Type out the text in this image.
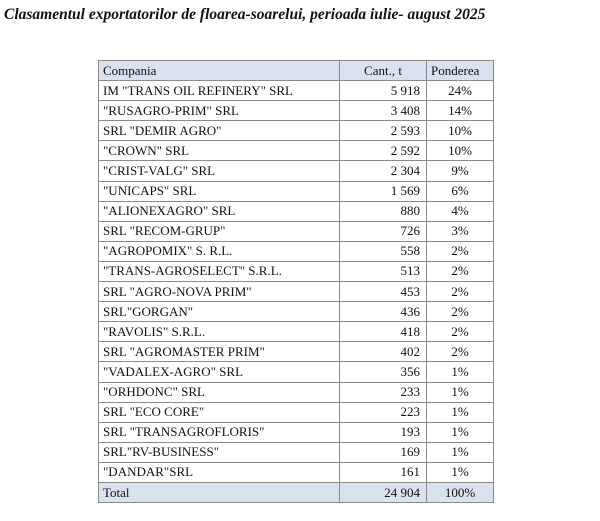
Clasamentul exportatorilor de floarea-soarelui, perioada iulie- august 2025
Compania	Cant., t	Ponderea
IM "TRANS OIL REFINERY" SRL	5 918	24%
"RUSAGRO-PRIM" SRL	3 408	14%
SRL "DEMIR AGRO"	2 593	10%
"CROWN" SRL	2 592	10%
"CRIST-VALG" SRL	2 304	9%
"UNICAPS" SRL	1 569	6%
"ALIONEXAGRO" SRL	880	4%
SRL "RECOM-GRUP"	726	3%
"AGROPOMIX" S. R.L.	558	2%
"TRANS-AGROSELECT" S.R.L.	513	2%
SRL "AGRO-NOVA PRIM"	453	2%
SRL"GORGAN"	436	2%
"RAVOLIS" S.R.L.	418	2%
SRL "AGROMASTER PRIM"	402	2%
"VADALEX-AGRO" SRL	356	1%
"ORHDONC" SRL	233	1%
SRL "ECO CORE"	223	1%
SRL "TRANSAGROFLORIS"	193	1%
SRL"RV-BUSINESS"	169	1%
"DANDAR"SRL	161	1%
Total	24 904	100%
